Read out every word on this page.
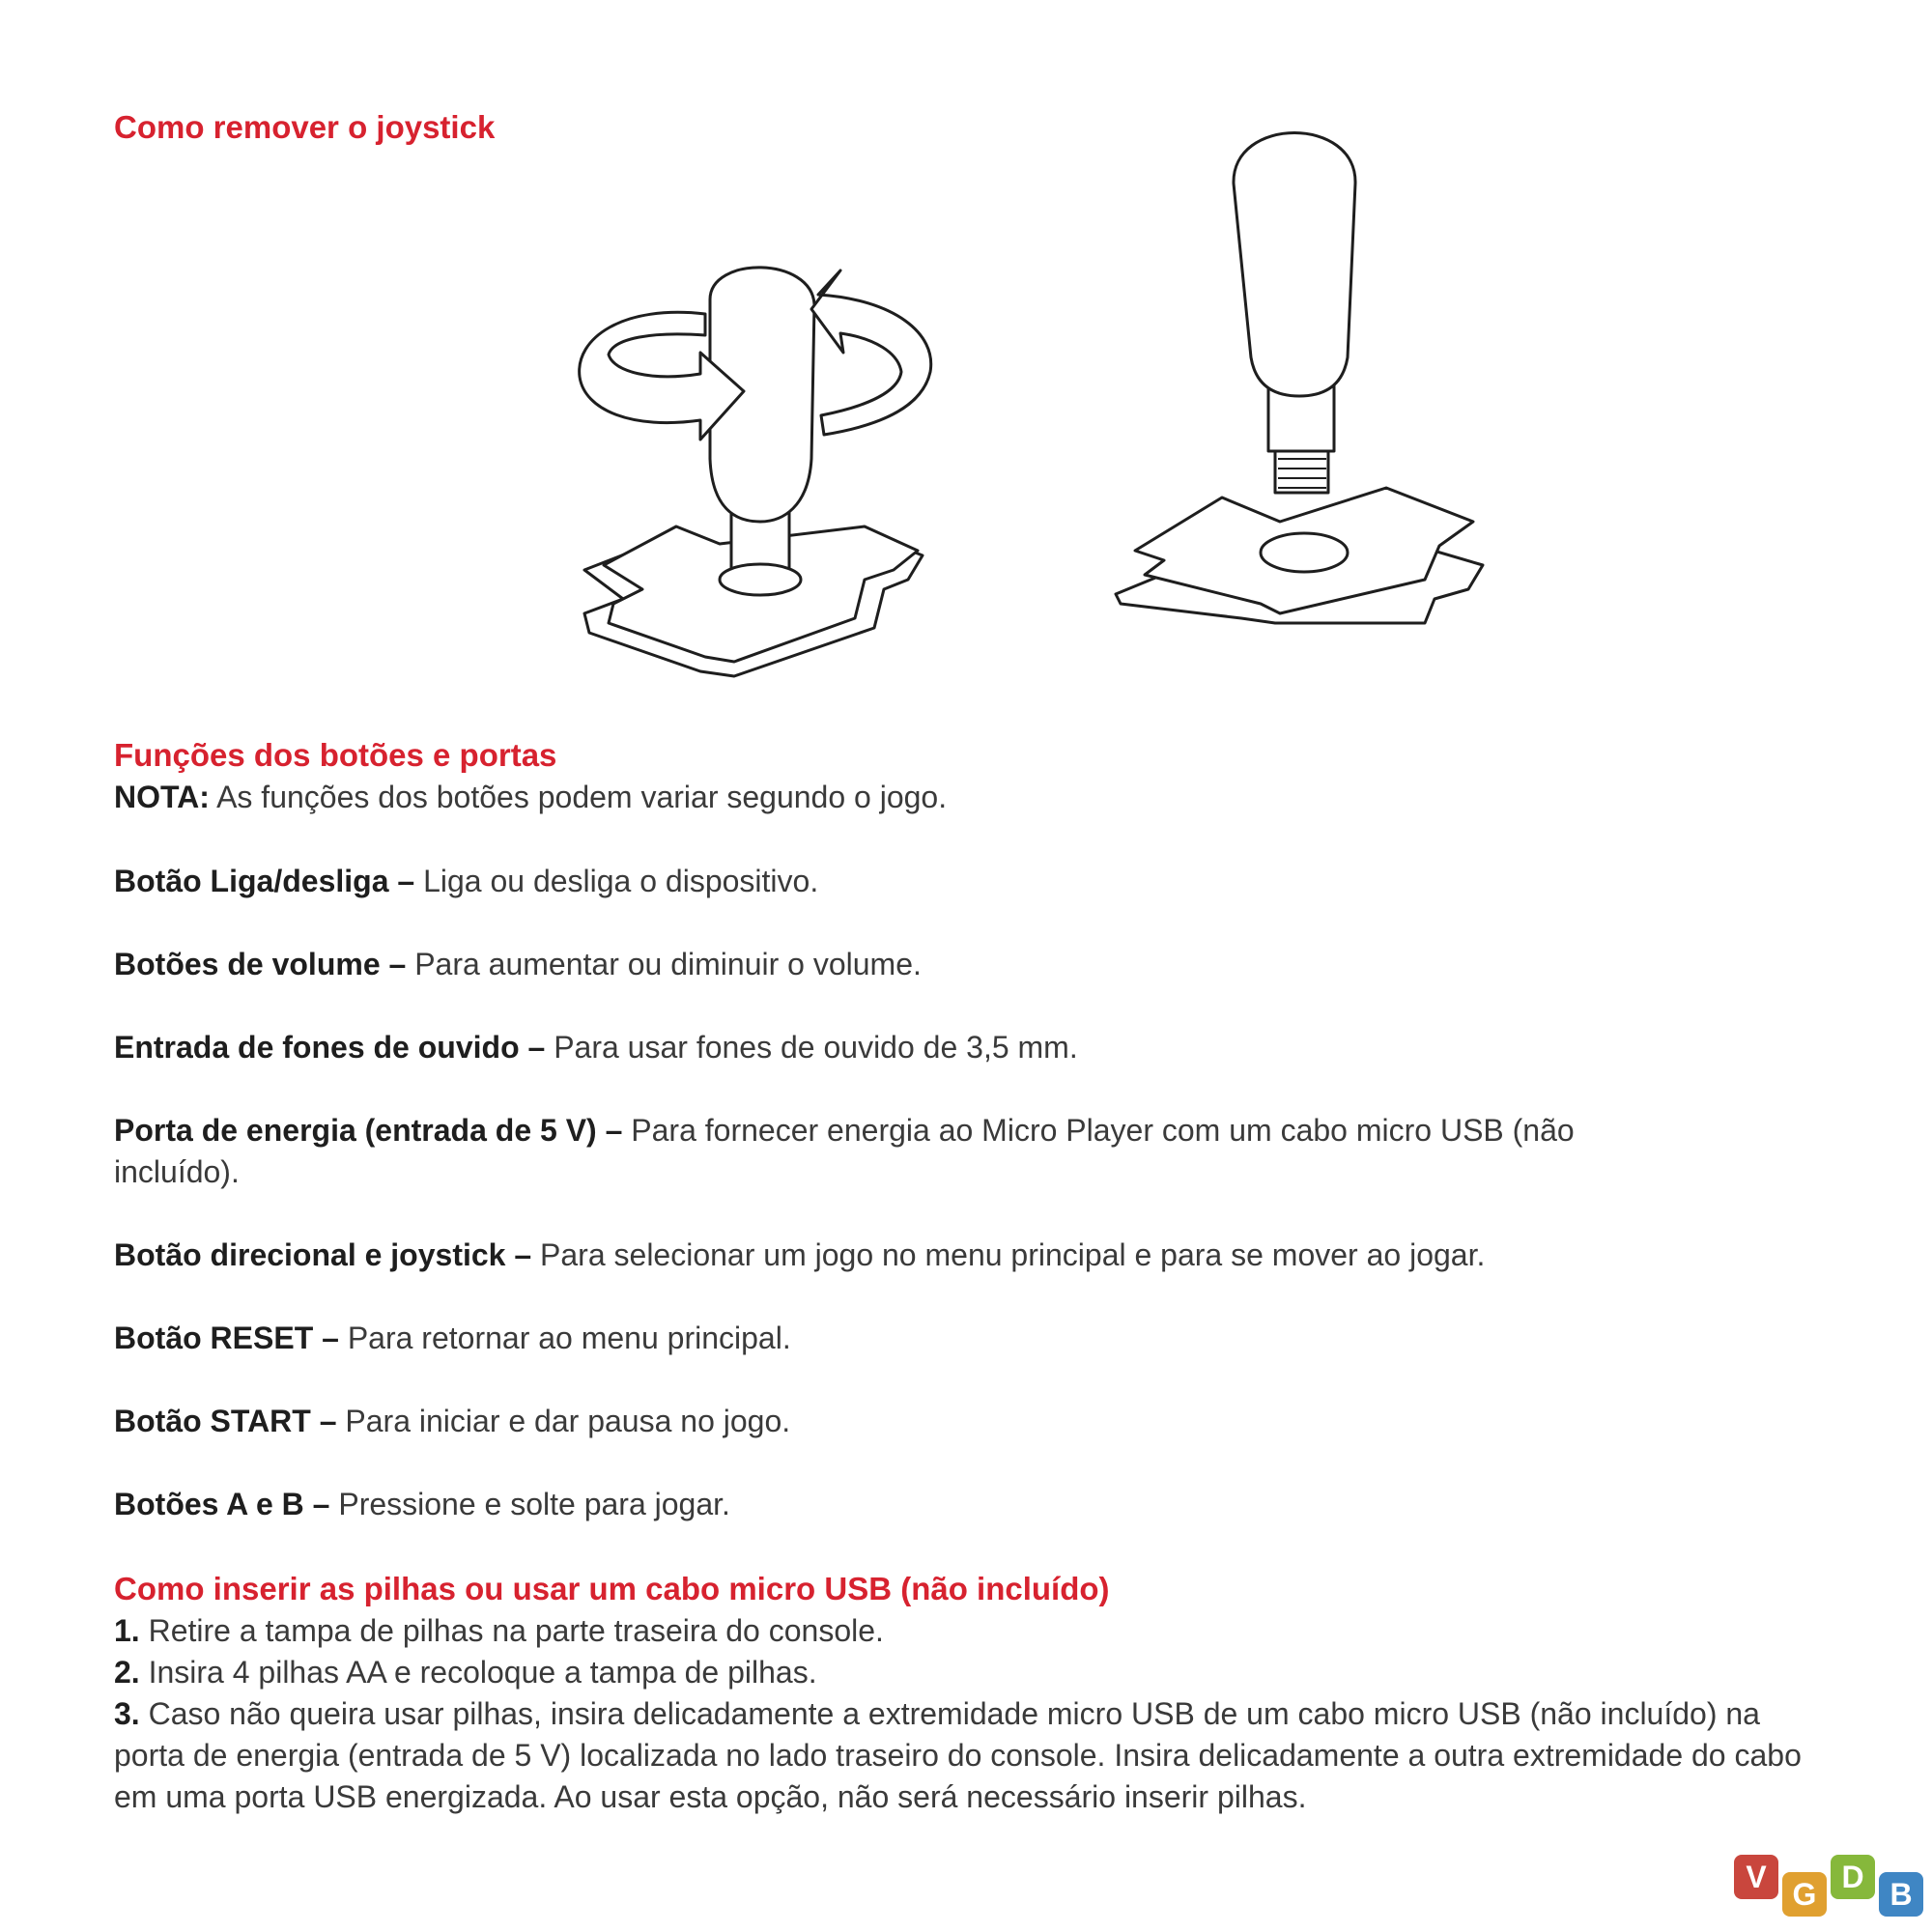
Como remover o joystick
Funções dos botões e portas

NOTA: As funções dos botões podem variar segundo o jogo.

Botão Liga/desliga – Liga ou desliga o dispositivo.

Botões de volume – Para aumentar ou diminuir o volume.

Entrada de fones de ouvido – Para usar fones de ouvido de 3,5 mm.

Porta de energia (entrada de 5 V) – Para fornecer energia ao Micro Player com um cabo micro USB (não incluído).

Botão direcional e joystick – Para selecionar um jogo no menu principal e para se mover ao jogar.

Botão RESET – Para retornar ao menu principal.

Botão START – Para iniciar e dar pausa no jogo.

Botões A e B – Pressione e solte para jogar.

Como inserir as pilhas ou usar um cabo micro USB (não incluído)

1. Retire a tampa de pilhas na parte traseira do console.

2. Insira 4 pilhas AA e recoloque a tampa de pilhas.

3. Caso não queira usar pilhas, insira delicadamente a extremidade micro USB de um cabo micro USB (não incluído) na porta de energia (entrada de 5 V) localizada no lado traseiro do console. Insira delicadamente a outra extremidade do cabo em uma porta USB energizada. Ao usar esta opção, não será necessário inserir pilhas.

V G D B
